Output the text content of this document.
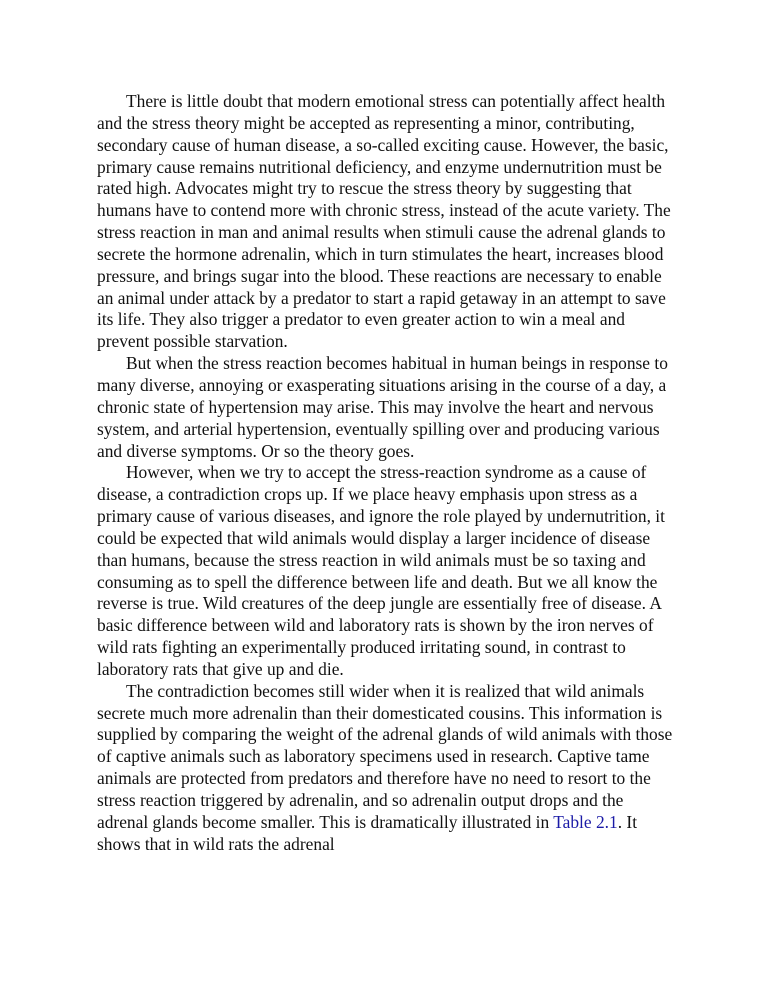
There is little doubt that modern emotional stress can potentially affect health and the stress theory might be accepted as representing a minor, contributing, secondary cause of human disease, a so-called exciting cause. However, the basic, primary cause remains nutritional deficiency, and enzyme undernutrition must be rated high. Advocates might try to rescue the stress theory by suggesting that humans have to contend more with chronic stress, instead of the acute variety. The stress reaction in man and animal results when stimuli cause the adrenal glands to secrete the hormone adrenalin, which in turn stimulates the heart, increases blood pressure, and brings sugar into the blood. These reactions are necessary to enable an animal under attack by a predator to start a rapid getaway in an attempt to save its life. They also trigger a predator to even greater action to win a meal and prevent possible starvation.

But when the stress reaction becomes habitual in human beings in response to many diverse, annoying or exasperating situations arising in the course of a day, a chronic state of hypertension may arise. This may involve the heart and nervous system, and arterial hypertension, eventually spilling over and producing various and diverse symptoms. Or so the theory goes.

However, when we try to accept the stress-reaction syndrome as a cause of disease, a contradiction crops up. If we place heavy emphasis upon stress as a primary cause of various diseases, and ignore the role played by undernutrition, it could be expected that wild animals would display a larger incidence of disease than humans, because the stress reaction in wild animals must be so taxing and consuming as to spell the difference between life and death. But we all know the reverse is true. Wild creatures of the deep jungle are essentially free of disease. A basic difference between wild and laboratory rats is shown by the iron nerves of wild rats fighting an experimentally produced irritating sound, in contrast to laboratory rats that give up and die.

The contradiction becomes still wider when it is realized that wild animals secrete much more adrenalin than their domesticated cousins. This information is supplied by comparing the weight of the adrenal glands of wild animals with those of captive animals such as laboratory specimens used in research. Captive tame animals are protected from predators and therefore have no need to resort to the stress reaction triggered by adrenalin, and so adrenalin output drops and the adrenal glands become smaller. This is dramatically illustrated in Table 2.1. It shows that in wild rats the adrenal
